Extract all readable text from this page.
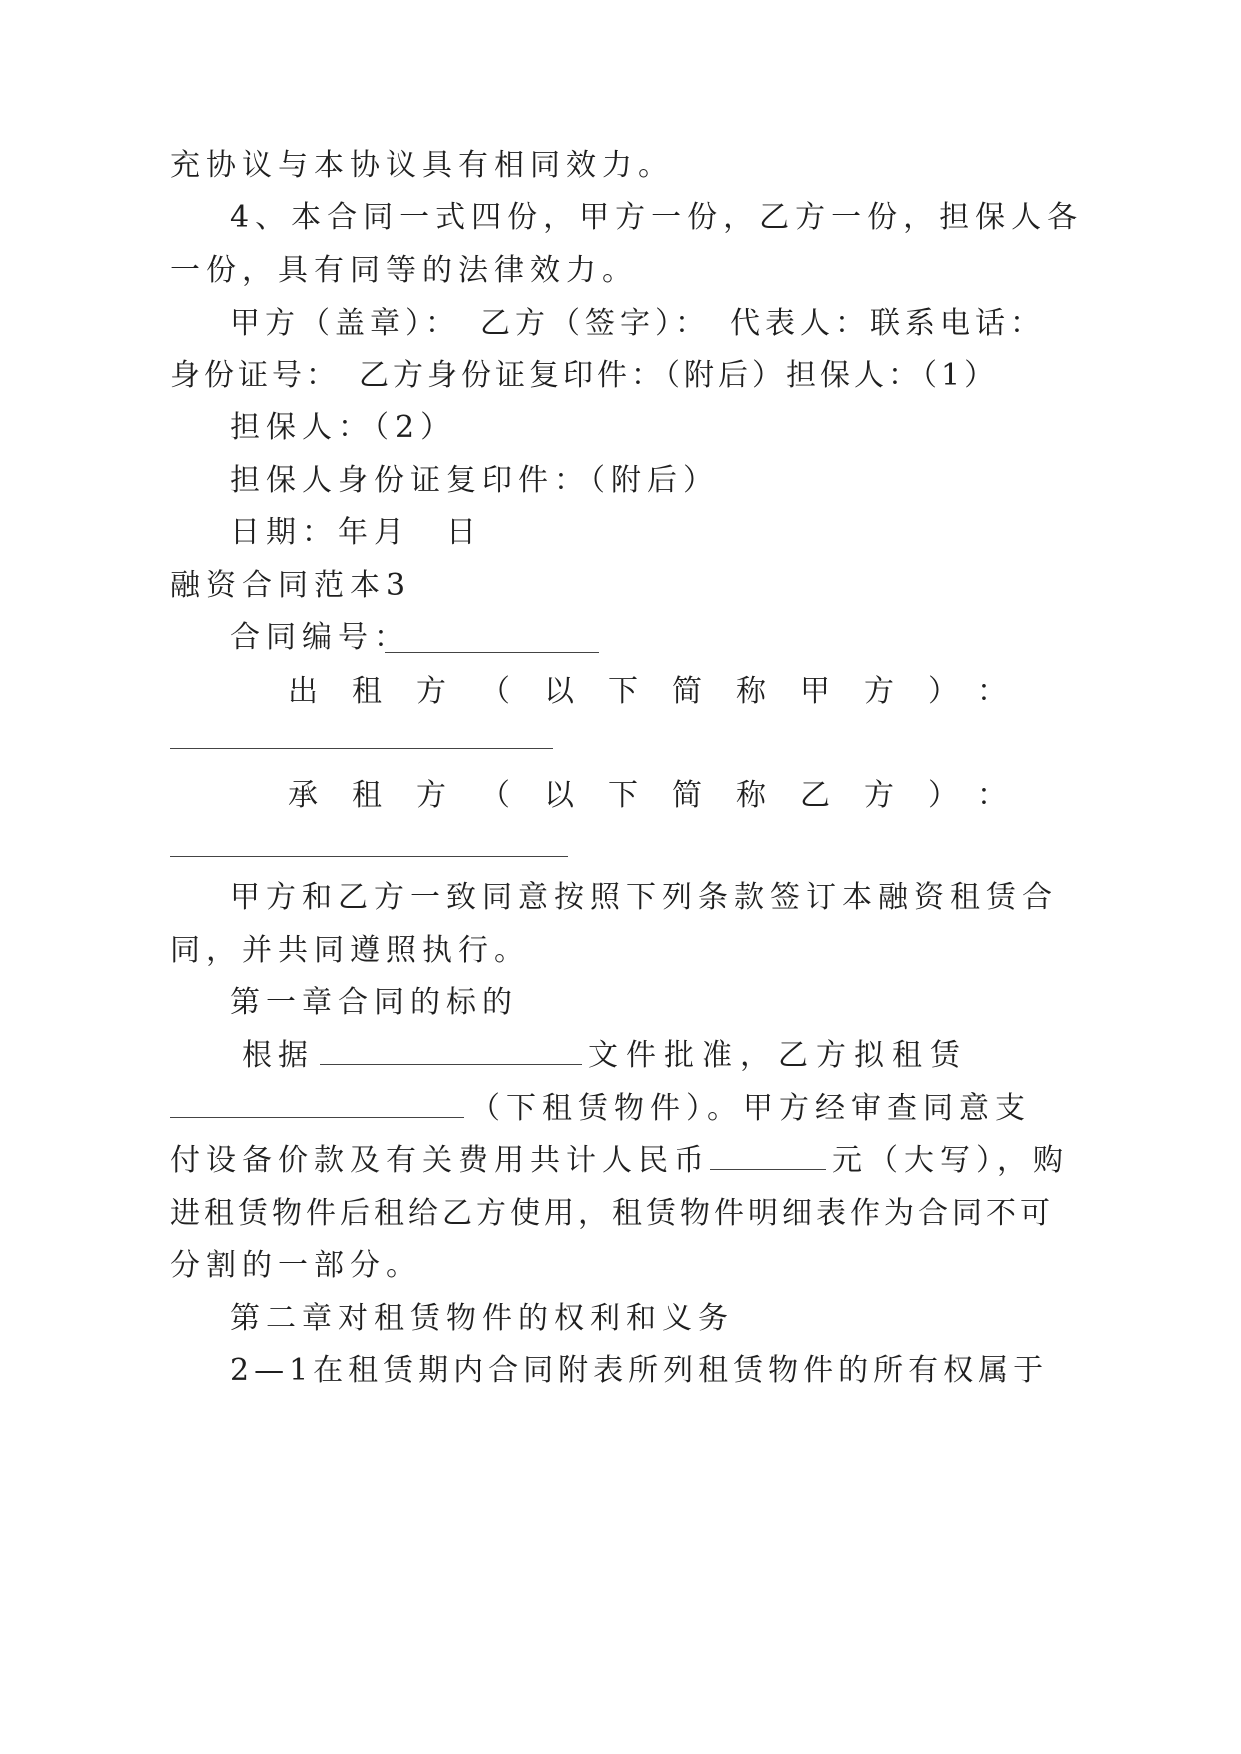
充协议与本协议具有相同效力。
4、本合同一式四份，甲方一份，乙方一份，担保人各
一份，具有同等的法律效力。
甲方（盖章）：　乙方（签字）：　代表人：联系电话：
身份证号：　乙方身份证复印件：（附后）担保人：（1）
担保人：（2）
担保人身份证复印件：（附后）
日期：年月　日
融资合同范本3
合同编号：
出租方（以下简称甲方）：
承租方（以下简称乙方）：
甲方和乙方一致同意按照下列条款签订本融资租赁合
同，并共同遵照执行。
第一章合同的标的
根据	文件批准，乙方拟租赁
（下租赁物件）。甲方经审查同意支
付设备价款及有关费用共计人民币	元（大写），购
进租赁物件后租给乙方使用，租赁物件明细表作为合同不可
分割的一部分。
第二章对租赁物件的权利和义务
2—1在租赁期内合同附表所列租赁物件的所有权属于
